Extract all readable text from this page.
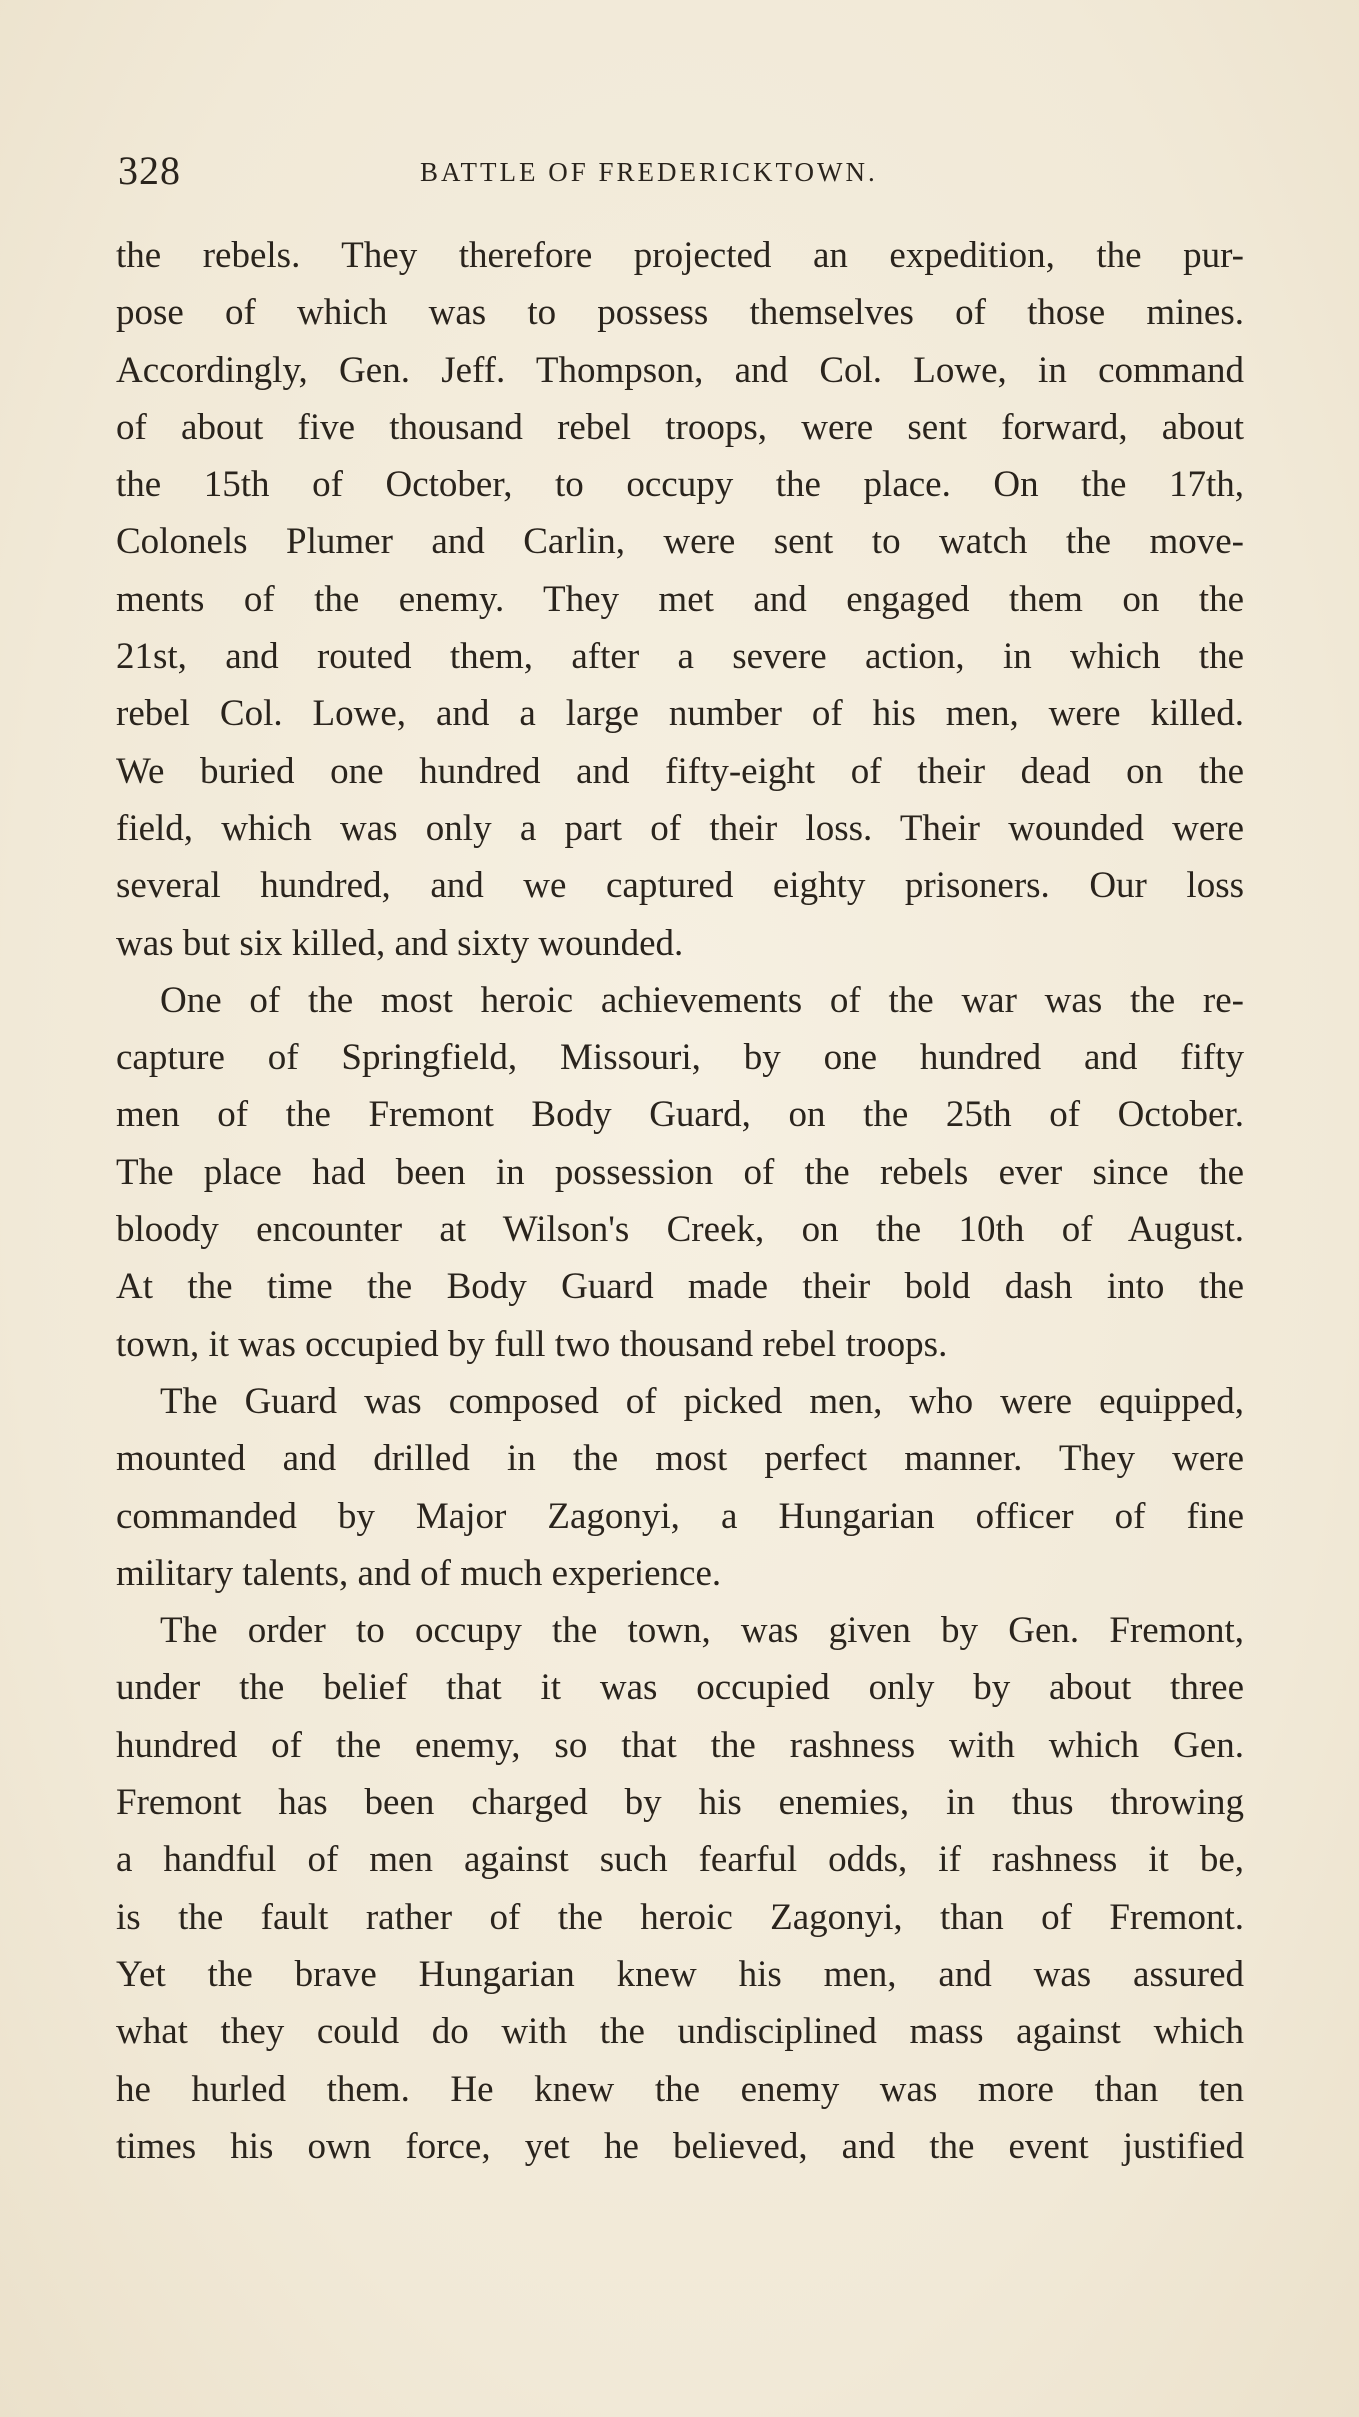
328	BATTLE OF FREDERICKTOWN.
the rebels. They therefore projected an expedition, the pur-
pose of which was to possess themselves of those mines.
Accordingly, Gen. Jeff. Thompson, and Col. Lowe, in command
of about five thousand rebel troops, were sent forward, about
the 15th of October, to occupy the place. On the 17th,
Colonels Plumer and Carlin, were sent to watch the move-
ments of the enemy. They met and engaged them on the
21st, and routed them, after a severe action, in which the
rebel Col. Lowe, and a large number of his men, were killed.
We buried one hundred and fifty-eight of their dead on the
field, which was only a part of their loss. Their wounded were
several hundred, and we captured eighty prisoners. Our loss
was but six killed, and sixty wounded.
One of the most heroic achievements of the war was the re-
capture of Springfield, Missouri, by one hundred and fifty
men of the Fremont Body Guard, on the 25th of October.
The place had been in possession of the rebels ever since the
bloody encounter at Wilson's Creek, on the 10th of August.
At the time the Body Guard made their bold dash into the
town, it was occupied by full two thousand rebel troops.
The Guard was composed of picked men, who were equipped,
mounted and drilled in the most perfect manner. They were
commanded by Major Zagonyi, a Hungarian officer of fine
military talents, and of much experience.
The order to occupy the town, was given by Gen. Fremont,
under the belief that it was occupied only by about three
hundred of the enemy, so that the rashness with which Gen.
Fremont has been charged by his enemies, in thus throwing
a handful of men against such fearful odds, if rashness it be,
is the fault rather of the heroic Zagonyi, than of Fremont.
Yet the brave Hungarian knew his men, and was assured
what they could do with the undisciplined mass against which
he hurled them. He knew the enemy was more than ten
times his own force, yet he believed, and the event justified
